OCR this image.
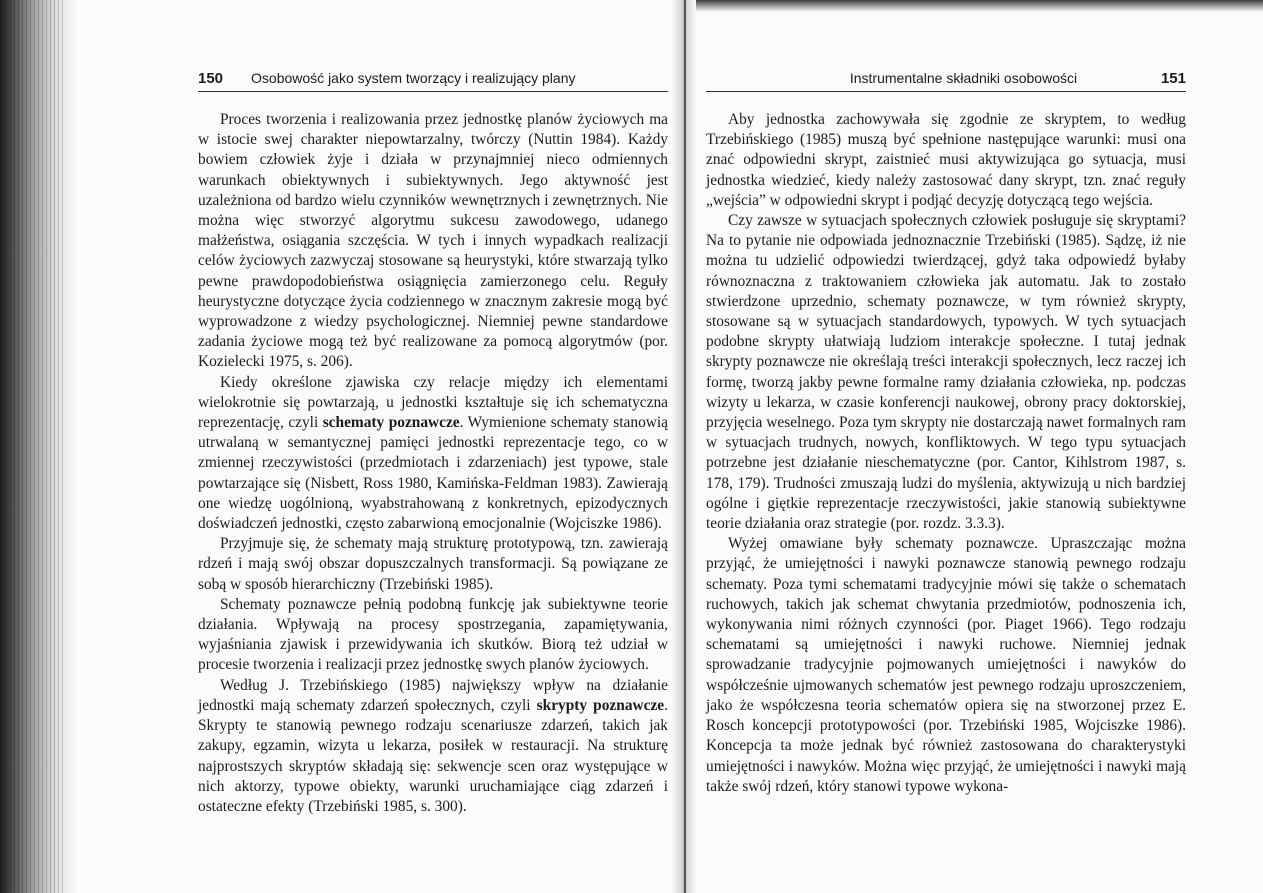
150 Osobowość jako system tworzący i realizujący plany

Proces tworzenia i realizowania przez jednostkę planów życiowych ma w istocie swej charakter niepowtarzalny, twórczy (Nuttin 1984). Każdy bowiem człowiek żyje i działa w przynajmniej nieco odmiennych warunkach obiektywnych i subiektywnych. Jego aktywność jest uzależniona od bardzo wielu czynników wewnętrznych i zewnętrznych. Nie można więc stworzyć algorytmu sukcesu zawodowego, udanego małżeństwa, osiągania szczęścia. W tych i innych wypadkach realizacji celów życiowych zazwyczaj stosowane są heurystyki, które stwarzają tylko pewne prawdopodobieństwa osiągnięcia zamierzonego celu. Reguły heurystyczne dotyczące życia codziennego w znacznym zakresie mogą być wyprowadzone z wiedzy psychologicznej. Niemniej pewne standardowe zadania życiowe mogą też być realizowane za pomocą algorytmów (por. Kozielecki 1975, s. 206).

Kiedy określone zjawiska czy relacje między ich elementami wielokrotnie się powtarzają, u jednostki kształtuje się ich schematyczna reprezentację, czyli schematy poznawcze. Wymienione schematy stanowią utrwalaną w semantycznej pamięci jednostki reprezentacje tego, co w zmiennej rzeczywistości (przedmiotach i zdarzeniach) jest typowe, stale powtarzające się (Nisbett, Ross 1980, Kamińska-Feldman 1983). Zawierają one wiedzę uogólnioną, wyabstrahowaną z konkretnych, epizodycznych doświadczeń jednostki, często zabarwioną emocjonalnie (Wojciszke 1986).

Przyjmuje się, że schematy mają strukturę prototypową, tzn. zawierają rdzeń i mają swój obszar dopuszczalnych transformacji. Są powiązane ze sobą w sposób hierarchiczny (Trzebiński 1985).

Schematy poznawcze pełnią podobną funkcję jak subiektywne teorie działania. Wpływają na procesy spostrzegania, zapamiętywania, wyjaśniania zjawisk i przewidywania ich skutków. Biorą też udział w procesie tworzenia i realizacji przez jednostkę swych planów życiowych.

Według J. Trzebińskiego (1985) największy wpływ na działanie jednostki mają schematy zdarzeń społecznych, czyli skrypty poznawcze. Skrypty te stanowią pewnego rodzaju scenariusze zdarzeń, takich jak zakupy, egzamin, wizyta u lekarza, posiłek w restauracji. Na strukturę najprostszych skryptów składają się: sekwencje scen oraz występujące w nich aktorzy, typowe obiekty, warunki uruchamiające ciąg zdarzeń i ostateczne efekty (Trzebiński 1985, s. 300).

Instrumentalne składniki osobowości	151

Aby jednostka zachowywała się zgodnie ze skryptem, to według Trzebińskiego (1985) muszą być spełnione następujące warunki: musi ona znać odpowiedni skrypt, zaistnieć musi aktywizująca go sytuacja, musi jednostka wiedzieć, kiedy należy zastosować dany skrypt, tzn. znać reguły „wejścia” w odpowiedni skrypt i podjąć decyzję dotyczącą tego wejścia.

Czy zawsze w sytuacjach społecznych człowiek posługuje się skryptami? Na to pytanie nie odpowiada jednoznacznie Trzebiński (1985). Sądzę, iż nie można tu udzielić odpowiedzi twierdzącej, gdyż taka odpowiedź byłaby równoznaczna z traktowaniem człowieka jak automatu. Jak to zostało stwierdzone uprzednio, schematy poznawcze, w tym również skrypty, stosowane są w sytuacjach standardowych, typowych. W tych sytuacjach podobne skrypty ułatwiają ludziom interakcje społeczne. I tutaj jednak skrypty poznawcze nie określają treści interakcji społecznych, lecz raczej ich formę, tworzą jakby pewne formalne ramy działania człowieka, np. podczas wizyty u lekarza, w czasie konferencji naukowej, obrony pracy doktorskiej, przyjęcia weselnego. Poza tym skrypty nie dostarczają nawet formalnych ram w sytuacjach trudnych, nowych, konfliktowych. W tego typu sytuacjach potrzebne jest działanie nieschematyczne (por. Cantor, Kihlstrom 1987, s. 178, 179). Trudności zmuszają ludzi do myślenia, aktywizują u nich bardziej ogólne i giętkie reprezentacje rzeczywistości, jakie stanowią subiektywne teorie działania oraz strategie (por. rozdz. 3.3.3).

Wyżej omawiane były schematy poznawcze. Upraszczając można przyjąć, że umiejętności i nawyki poznawcze stanowią pewnego rodzaju schematy. Poza tymi schematami tradycyjnie mówi się także o schematach ruchowych, takich jak schemat chwytania przedmiotów, podnoszenia ich, wykonywania nimi różnych czynności (por. Piaget 1966). Tego rodzaju schematami są umiejętności i nawyki ruchowe. Niemniej jednak sprowadzanie tradycyjnie pojmowanych umiejętności i nawyków do współcześnie ujmowanych schematów jest pewnego rodzaju uproszczeniem, jako że współczesna teoria schematów opiera się na stworzonej przez E. Rosch koncepcji prototypowości (por. Trzebiński 1985, Wojciszke 1986). Koncepcja ta może jednak być również zastosowana do charakterystyki umiejętności i nawyków. Można więc przyjąć, że umiejętności i nawyki mają także swój rdzeń, który stanowi typowe wykona-
